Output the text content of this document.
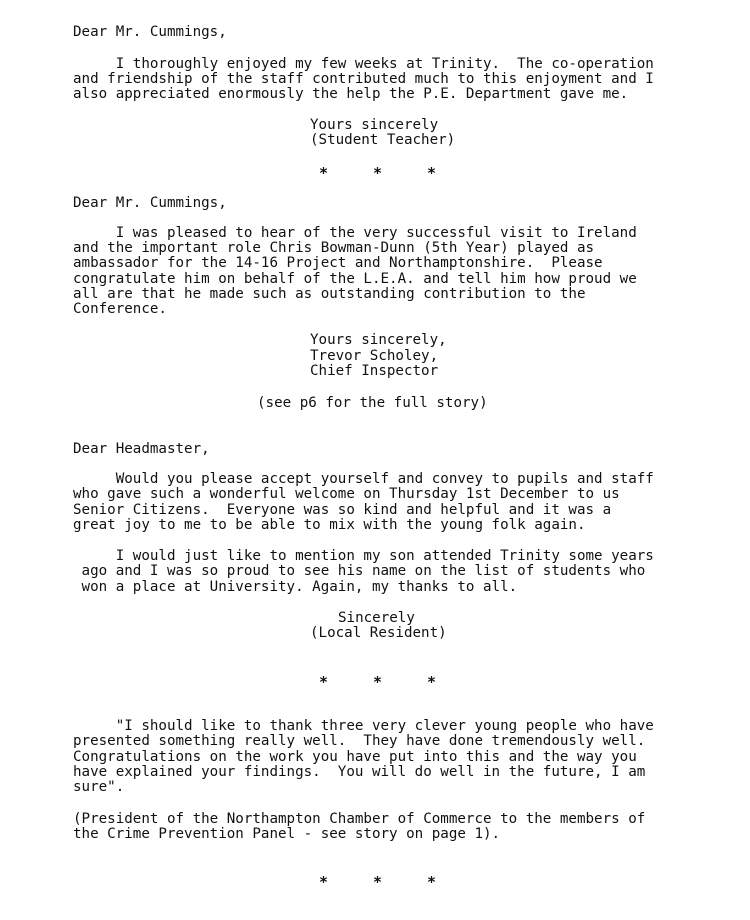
Dear Mr. Cummings,
I thoroughly enjoyed my few weeks at Trinity.  The co-operation
and friendship of the staff contributed much to this enjoyment and I
also appreciated enormously the help the P.E. Department gave me.
Yours sincerely
(Student Teacher)
*	*	*
Dear Mr. Cummings,
I was pleased to hear of the very successful visit to Ireland
and the important role Chris Bowman-Dunn (5th Year) played as
ambassador for the 14-16 Project and Northamptonshire.  Please
congratulate him on behalf of the L.E.A. and tell him how proud we
all are that he made such as outstanding contribution to the
Conference.
Yours sincerely,
Trevor Scholey,
Chief Inspector
(see p6 for the full story)
Dear Headmaster,
Would you please accept yourself and convey to pupils and staff
who gave such a wonderful welcome on Thursday 1st December to us
Senior Citizens.  Everyone was so kind and helpful and it was a
great joy to me to be able to mix with the young folk again.
I would just like to mention my son attended Trinity some years
ago and I was so proud to see his name on the list of students who
won a place at University. Again, my thanks to all.
Sincerely
(Local Resident)
*	*	*
"I should like to thank three very clever young people who have
presented something really well.  They have done tremendously well.
Congratulations on the work you have put into this and the way you
have explained your findings.  You will do well in the future, I am
sure".
(President of the Northampton Chamber of Commerce to the members of
the Crime Prevention Panel - see story on page 1).
*	*	*
